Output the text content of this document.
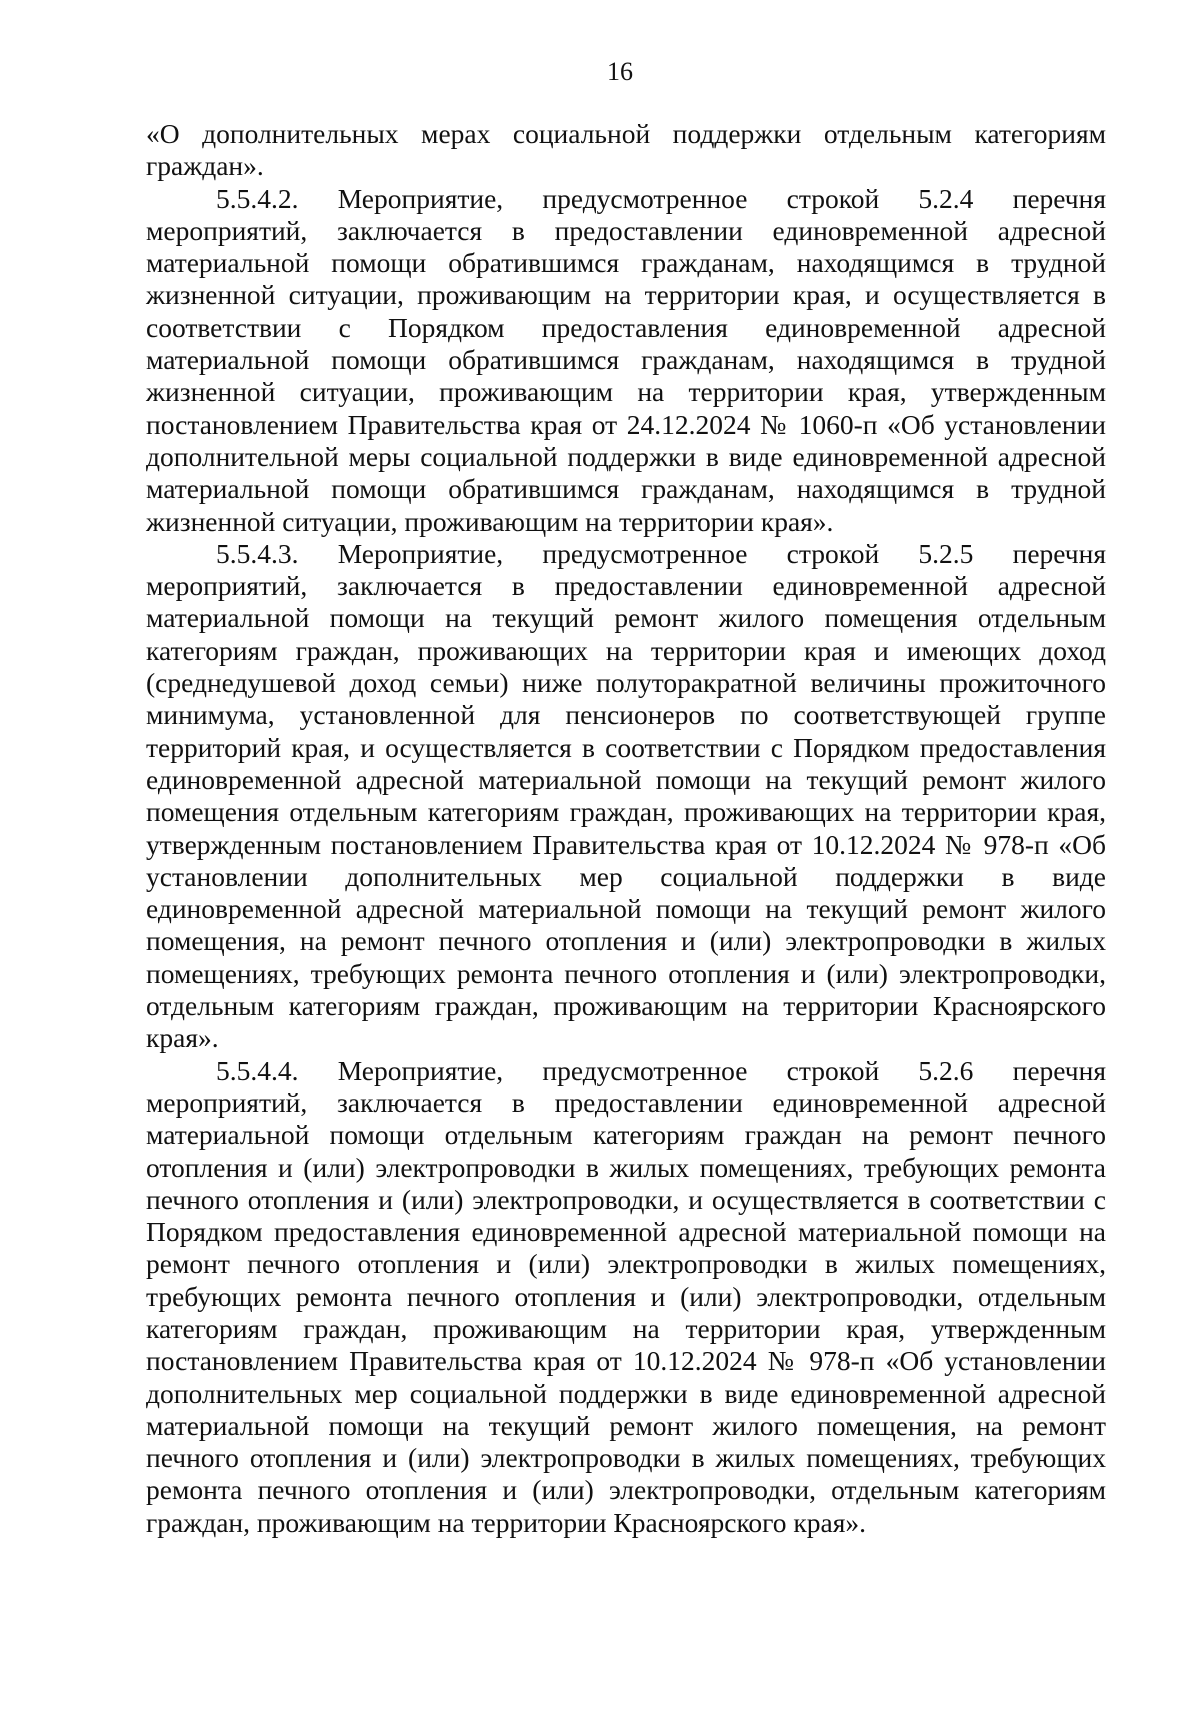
16

«О дополнительных мерах социальной поддержки отдельным категориям граждан».

5.5.4.2. Мероприятие, предусмотренное строкой 5.2.4 перечня мероприятий, заключается в предоставлении единовременной адресной материальной помощи обратившимся гражданам, находящимся в трудной жизненной ситуации, проживающим на территории края, и осуществляется в соответствии с Порядком предоставления единовременной адресной материальной помощи обратившимся гражданам, находящимся в трудной жизненной ситуации, проживающим на территории края, утвержденным постановлением Правительства края от 24.12.2024 № 1060-п «Об установлении дополнительной меры социальной поддержки в виде единовременной адресной материальной помощи обратившимся гражданам, находящимся в трудной жизненной ситуации, проживающим на территории края».

5.5.4.3. Мероприятие, предусмотренное строкой 5.2.5 перечня мероприятий, заключается в предоставлении единовременной адресной материальной помощи на текущий ремонт жилого помещения отдельным категориям граждан, проживающих на территории края и имеющих доход (среднедушевой доход семьи) ниже полуторакратной величины прожиточного минимума, установленной для пенсионеров по соответствующей группе территорий края, и осуществляется в соответствии с Порядком предоставления единовременной адресной материальной помощи на текущий ремонт жилого помещения отдельным категориям граждан, проживающих на территории края, утвержденным постановлением Правительства края от 10.12.2024 № 978-п «Об установлении дополнительных мер социальной поддержки в виде единовременной адресной материальной помощи на текущий ремонт жилого помещения, на ремонт печного отопления и (или) электропроводки в жилых помещениях, требующих ремонта печного отопления и (или) электропроводки, отдельным категориям граждан, проживающим на территории Красноярского края».

5.5.4.4. Мероприятие, предусмотренное строкой 5.2.6 перечня мероприятий, заключается в предоставлении единовременной адресной материальной помощи отдельным категориям граждан на ремонт печного отопления и (или) электропроводки в жилых помещениях, требующих ремонта печного отопления и (или) электропроводки, и осуществляется в соответствии с Порядком предоставления единовременной адресной материальной помощи на ремонт печного отопления и (или) электропроводки в жилых помещениях, требующих ремонта печного отопления и (или) электропроводки, отдельным категориям граждан, проживающим на территории края, утвержденным постановлением Правительства края от 10.12.2024 № 978-п «Об установлении дополнительных мер социальной поддержки в виде единовременной адресной материальной помощи на текущий ремонт жилого помещения, на ремонт печного отопления и (или) электропроводки в жилых помещениях, требующих ремонта печного отопления и (или) электропроводки, отдельным категориям граждан, проживающим на территории Красноярского края».
